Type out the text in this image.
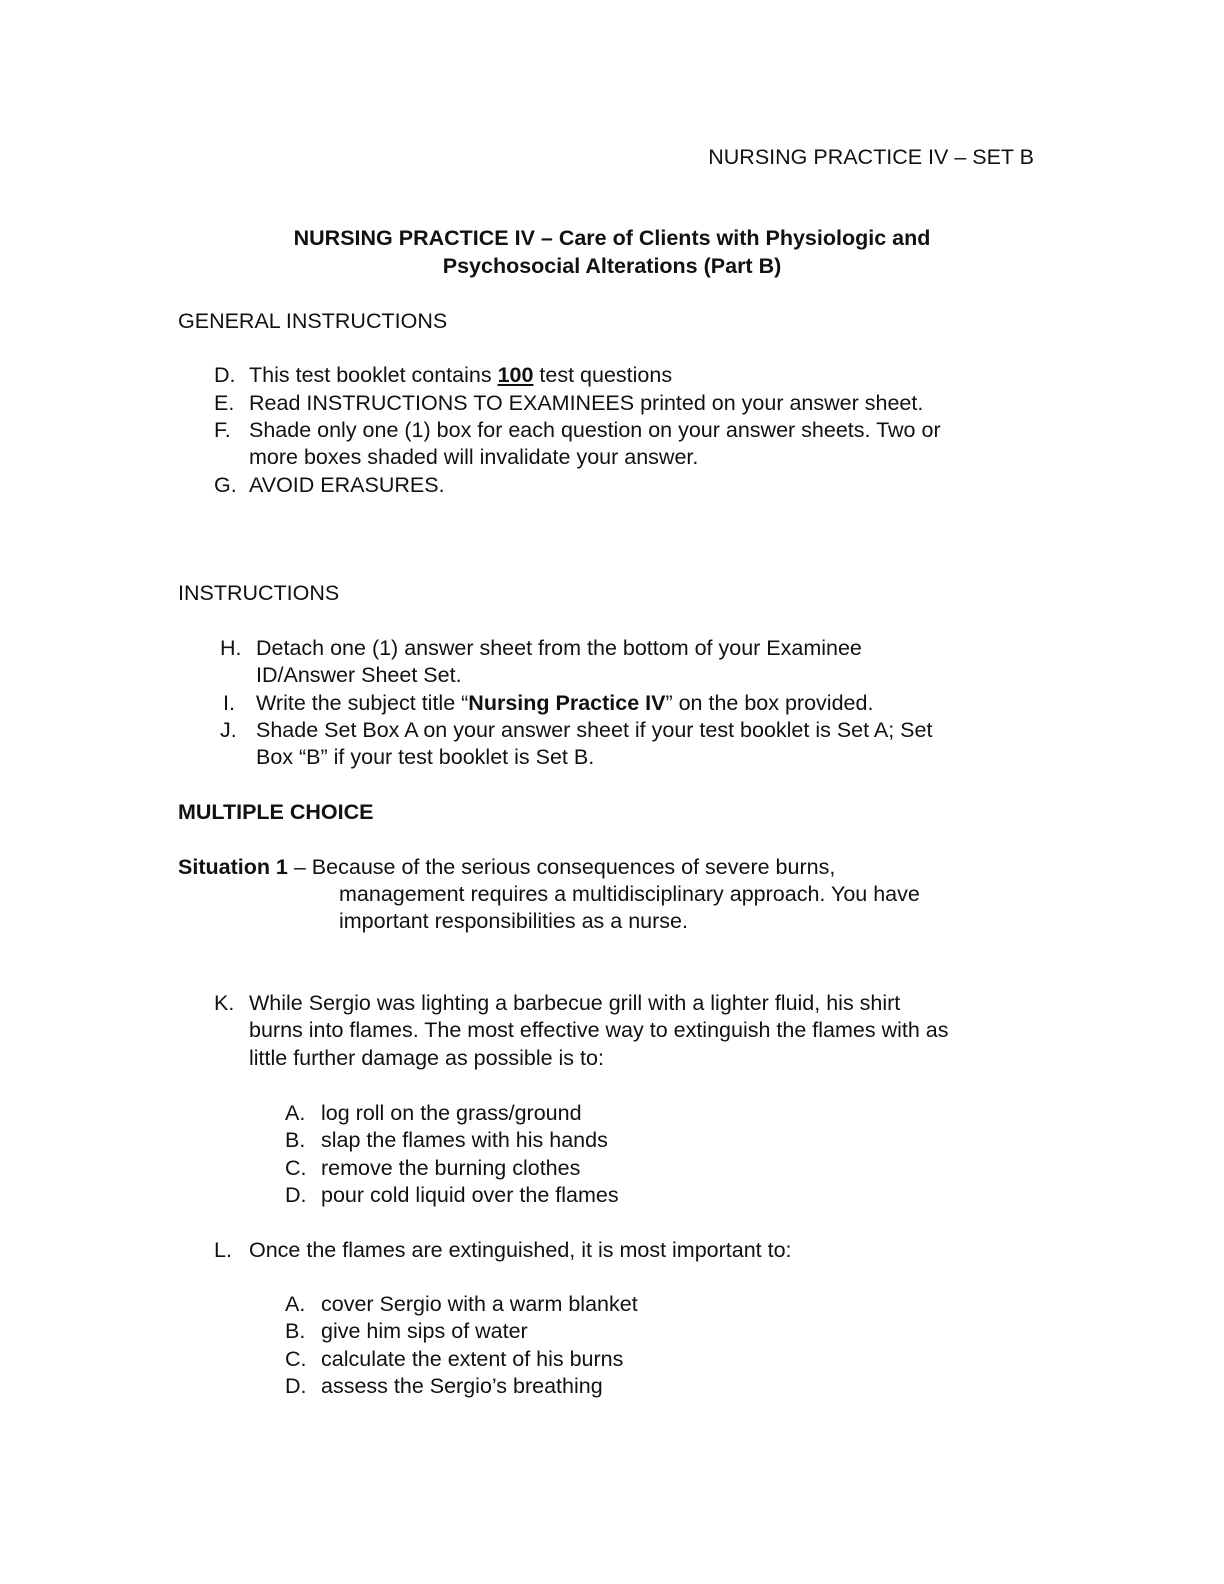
NURSING PRACTICE IV – SET B
NURSING PRACTICE IV – Care of Clients with Physiologic and
Psychosocial Alterations (Part B)
GENERAL INSTRUCTIONS
D. This test booklet contains 100 test questions
E. Read INSTRUCTIONS TO EXAMINEES printed on your answer sheet.
F. Shade only one (1) box for each question on your answer sheets. Two or
more boxes shaded will invalidate your answer.
G. AVOID ERASURES.
INSTRUCTIONS
H. Detach one (1) answer sheet from the bottom of your Examinee
ID/Answer Sheet Set.
I. Write the subject title “Nursing Practice IV” on the box provided.
J. Shade Set Box A on your answer sheet if your test booklet is Set A; Set
Box “B” if your test booklet is Set B.
MULTIPLE CHOICE
Situation 1 – Because of the serious consequences of severe burns,
management requires a multidisciplinary approach. You have
important responsibilities as a nurse.
K. While Sergio was lighting a barbecue grill with a lighter fluid, his shirt
burns into flames. The most effective way to extinguish the flames with as
little further damage as possible is to:
A. log roll on the grass/ground
B. slap the flames with his hands
C. remove the burning clothes
D. pour cold liquid over the flames
L. Once the flames are extinguished, it is most important to:
A. cover Sergio with a warm blanket
B. give him sips of water
C. calculate the extent of his burns
D. assess the Sergio’s breathing
